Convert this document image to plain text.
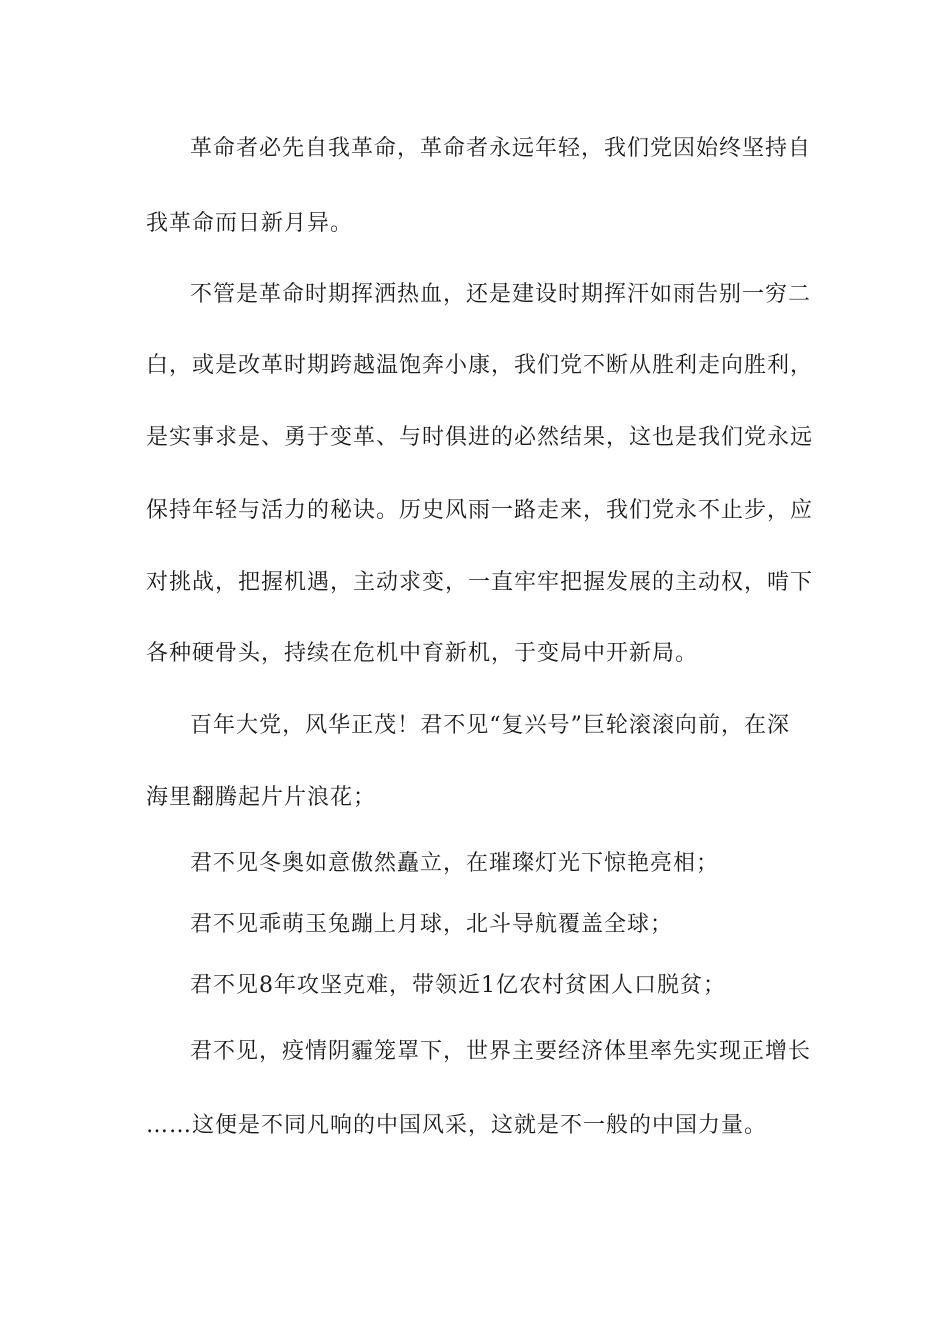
革命者必先自我革命，革命者永远年轻，我们党因始终坚持自
我革命而日新月异。
不管是革命时期挥洒热血，还是建设时期挥汗如雨告别一穷二
白，或是改革时期跨越温饱奔小康，我们党不断从胜利走向胜利，
是实事求是、勇于变革、与时俱进的必然结果，这也是我们党永远
保持年轻与活力的秘诀。历史风雨一路走来，我们党永不止步，应
对挑战，把握机遇，主动求变，一直牢牢把握发展的主动权，啃下
各种硬骨头，持续在危机中育新机，于变局中开新局。
百年大党，风华正茂！君不见“复兴号”巨轮滚滚向前，在深
海里翻腾起片片浪花；
君不见冬奥如意傲然矗立，在璀璨灯光下惊艳亮相；
君不见乖萌玉兔蹦上月球，北斗导航覆盖全球；
君不见8年攻坚克难，带领近1亿农村贫困人口脱贫；
君不见，疫情阴霾笼罩下，世界主要经济体里率先实现正增长
……这便是不同凡响的中国风采，这就是不一般的中国力量。
